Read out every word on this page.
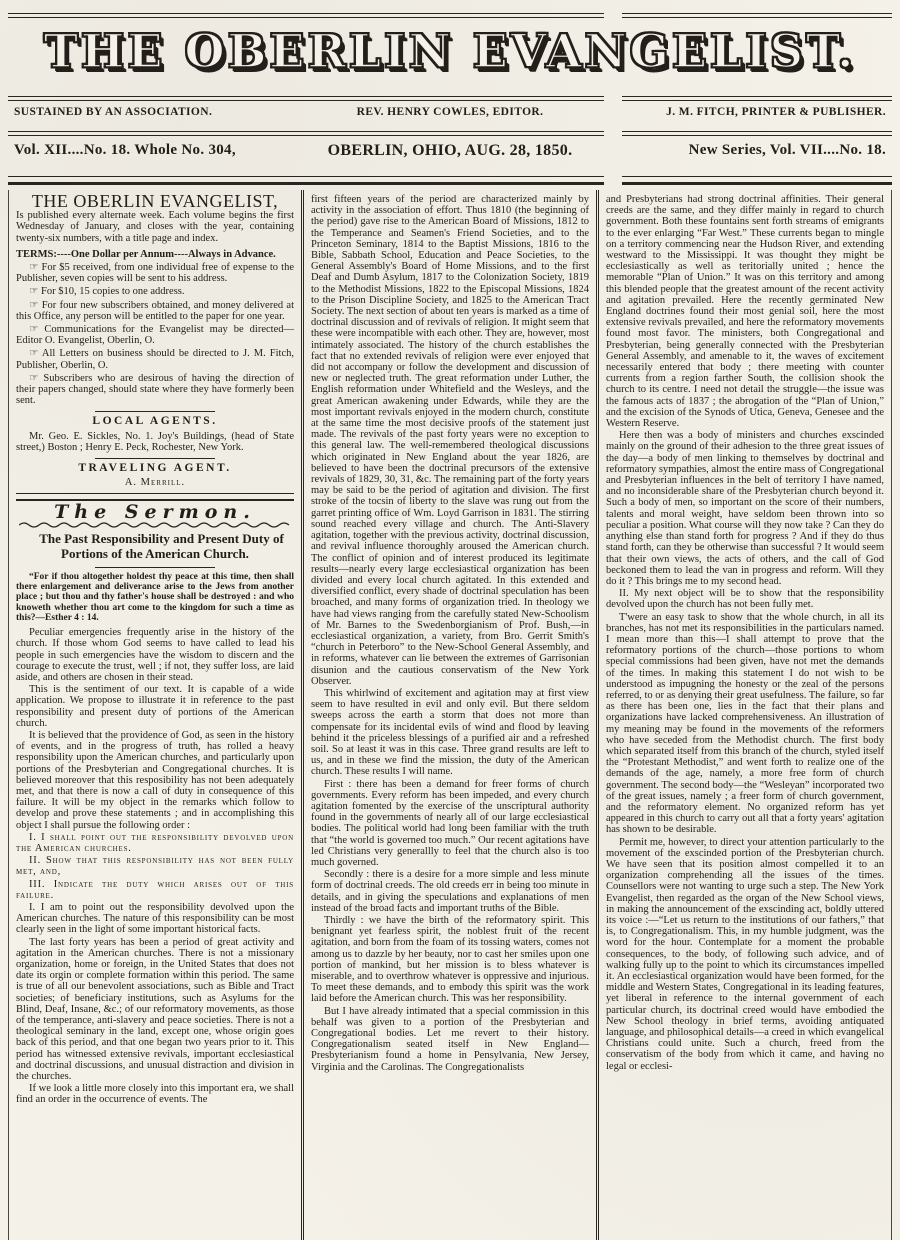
THE OBERLIN EVANGELIST.
SUSTAINED BY AN ASSOCIATION.	REV. HENRY COWLES, EDITOR.	J. M. FITCH, PRINTER & PUBLISHER.
Vol. XII....No. 18. Whole No. 304,	OBERLIN, OHIO, AUG. 28, 1850.	New Series, Vol. VII....No. 18.
THE OBERLIN EVANGELIST,

Is published every alternate week. Each volume begins the first Wednesday of January, and closes with the year, containing twenty-six numbers, with a title page and index.

TERMS:----One Dollar per Annum----Always in Advance.

☞ For $5 received, from one individual free of expense to the Publisher, seven copies will be sent to his address.

☞ For $10, 15 copies to one address.

☞ For four new subscribers obtained, and money delivered at this Office, any person will be entitled to the paper for one year.

☞ Communications for the Evangelist may be directed—Editor O. Evangelist, Oberlin, O.

☞ All Letters on business should be directed to J. M. Fitch, Publisher, Oberlin, O.

☞ Subscribers who are desirous of having the direction of their papers changed, should state where they have formerly been sent.

LOCAL AGENTS.

Mr. Geo. E. Sickles, No. 1. Joy's Buildings, (head of State street,) Boston ; Henry E. Peck, Rochester, New York.

TRAVELING AGENT.
A. Merrill.
The Sermon.

The Past Responsibility and Present Duty of Portions of the American Church.

“For if thou altogether holdest thy peace at this time, then shall there enlargement and deliverance arise to the Jews from another place ; but thou and thy father's house shall be destroyed : and who knoweth whether thou art come to the kingdom for such a time as this?—Esther 4 : 14.

Peculiar emergencies frequently arise in the history of the church. If those whom God seems to have called to lead his people in such emergencies have the wisdom to discern and the courage to execute the trust, well ; if not, they suffer loss, are laid aside, and others are chosen in their stead.

This is the sentiment of our text. It is capable of a wide application. We propose to illustrate it in reference to the past responsibility and present duty of portions of the American church.

It is believed that the providence of God, as seen in the history of events, and in the progress of truth, has rolled a heavy responsibility upon the American churches, and particularly upon portions of the Presbyterian and Congregational churches. It is believed moreover that this resposibility has not been adequately met, and that there is now a call of duty in consequence of this failure. It will be my object in the remarks which follow to develop and prove these statements ; and in accomplishing this object I shall pursue the following order :

I. I shall point out the responsibility devolved upon the American churches.

II. Show that this responsibility has not been fully met, and,

III. Indicate the duty which arises out of this failure.

I. I am to point out the responsibility devolved upon the American churches. The nature of this responsibility can be most clearly seen in the light of some important historical facts.

The last forty years has been a period of great activity and agitation in the American churches. There is not a missionary organization, home or foreign, in the United States that does not date its orgin or complete formation within this period. The same is true of all our benevolent associations, such as Bible and Tract societies; of beneficiary institutions, such as Asylums for the Blind, Deaf, Insane, &c.; of our reformatory movements, as those of the temperance, anti-slavery and peace societies. There is not a theological seminary in the land, except one, whose origin goes back of this period, and that one began two years prior to it. This period has witnessed extensive revivals, important ecclesiastical and doctrinal discussions, and unusual distraction and division in the churches.

If we look a little more closely into this important era, we shall find an order in the occurrence of events. The

first fifteen years of the period are characterized mainly by activity in the association of effort. Thus 1810 (the beginning of the period) gave rise to the American Board of Missions, 1812 to the Temperance and Seamen's Friend Societies, and to the Princeton Seminary, 1814 to the Baptist Missions, 1816 to the Bible, Sabbath School, Education and Peace Societies, to the General Assembly's Board of Home Missions, and to the first Deaf and Dumb Asylum, 1817 to the Colonization Society, 1819 to the Methodist Missions, 1822 to the Episcopal Missions, 1824 to the Prison Discipline Society, and 1825 to the American Tract Society. The next section of about ten years is marked as a time of doctrinal discussion and of revivals of religion. It might seem that these were incompatible with each other. They are, however, most intimately associated. The history of the church establishes the fact that no extended revivals of religion were ever enjoyed that did not accompany or follow the development and discussion of new or neglected truth. The great reformation under Luther, the English reformation under Whitefield and the Wesleys, and the great American awakening under Edwards, while they are the most important revivals enjoyed in the modern church, constitute at the same time the most decisive proofs of the statement just made. The revivals of the past forty years were no exception to this general law. The well-remembered theological discussions which originated in New England about the year 1826, are believed to have been the doctrinal precursors of the extensive revivals of 1829, 30, 31, &c. The remaining part of the forty years may be said to be the period of agitation and division. The first stroke of the tocsin of liberty to the slave was rung out from the garret printing office of Wm. Loyd Garrison in 1831. The stirring sound reached every village and church. The Anti-Slavery agitation, together with the previous activity, doctrinal discussion, and revival influence thoroughly aroused the American church. The conflict of opinion and of interest produced its legitimate results—nearly every large ecclesiastical organization has been divided and every local church agitated. In this extended and diversified conflict, every shade of doctrinal speculation has been broached, and many forms of organization tried. In theology we have had views ranging from the carefully stated New-Schoolism of Mr. Barnes to the Swedenborgianism of Prof. Bush,—in ecclesiastical organization, a variety, from Bro. Gerrit Smith's “church in Peterboro” to the New-School General Assembly, and in reforms, whatever can lie between the extremes of Garrisonian disunion and the cautious conservatism of the New York Observer.

This whirlwind of excitement and agitation may at first view seem to have resulted in evil and only evil. But there seldom sweeps across the earth a storm that does not more than compensate for its incidental evils of wind and flood by leaving behind it the priceless blessings of a purified air and a refreshed soil. So at least it was in this case. Three grand results are left to us, and in these we find the mission, the duty of the American church. These results I will name.

First : there has been a demand for freer forms of church governments. Every reform has been impeded, and every church agitation fomented by the exercise of the unscriptural authority found in the governments of nearly all of our large ecclesiastical bodies. The political world had long been familiar with the truth that “the world is governed too much.” Our recent agitations have led Christians very generallly to feel that the church also is too much governed.

Secondly : there is a desire for a more simple and less minute form of doctrinal creeds. The old creeds err in being too minute in details, and in giving the speculations and explanations of men instead of the broad facts and important truths of the Bible.

Thirdly : we have the birth of the reformatory spirit. This benignant yet fearless spirit, the noblest fruit of the recent agitation, and born from the foam of its tossing waters, comes not among us to dazzle by her beauty, nor to cast her smiles upon one portion of mankind, but her mission is to bless whatever is miserable, and to overthrow whatever is oppressive and injurious. To meet these demands, and to embody this spirit was the work laid before the American church. This was her responsibility.

But I have already intimated that a special commission in this behalf was given to a portion of the Presbyterian and Congregational bodies. Let me revert to their history. Congregationalism seated itself in New England—Presbyterianism found a home in Pensylvania, New Jersey, Virginia and the Carolinas. The Congregationalists

and Presbyterians had strong doctrinal affinities. Their general creeds are the same, and they differ mainly in regard to church government. Both these fountains sent forth streams of emigrants to the ever enlarging “Far West.” These currents began to mingle on a territory commencing near the Hudson River, and extending westward to the Mississippi. It was thought they might be ecclesiastically as well as teritorially united ; hence the memorable “Plan of Union.” It was on this territory and among this blended people that the greatest amount of the recent activity and agitation prevailed. Here the recently germinated New England doctrines found their most genial soil, here the most extensive revivals prevailed, and here the reformatory movements found most favor. The ministers, both Congregational and Presbyterian, being generally connected with the Presbyterian General Assembly, and amenable to it, the waves of excitement necessarily entered that body ; there meeting with counter currents from a region farther South, the collision shook the church to its centre. I need not detail the struggle—the issue was the famous acts of 1837 ; the abrogation of the “Plan of Union,” and the excision of the Synods of Utica, Geneva, Genesee and the Western Reserve.

Here then was a body of ministers and churches exscinded mainly on the ground of their adhesion to the three great issues of the day—a body of men linking to themselves by doctrinal and reformatory sympathies, almost the entire mass of Congregational and Presbyterian influences in the belt of territory I have named, and no inconsiderable share of the Presbyterian church beyond it. Such a body of men, so important on the score of their numbers, talents and moral weight, have seldom been thrown into so peculiar a position. What course will they now take ? Can they do anything else than stand forth for progress ? And if they do thus stand forth, can they be otherwise than successful ? It would seem that their own views, the acts of others, and the call of God beckoned them to lead the van in progress and reform. Will they do it ? This brings me to my second head.

II. My next object will be to show that the responsibility devolved upon the church has not been fully met.

T'were an easy task to show that the whole church, in all its branches, has not met its responsibilities in the particulars named. I mean more than this—I shall attempt to prove that the reformatory portions of the church—those portions to whom special commissions had been given, have not met the demands of the times. In making this statement I do not wish to be understood as impugning the honesty or the zeal of the persons referred, to or as denying their great usefulness. The failure, so far as there has been one, lies in the fact that their plans and organizations have lacked comprehensiveness. An illustration of my meaning may be found in the movements of the reformers who have seceded from the Methodist church. The first body which separated itself from this branch of the church, styled itself the “Protestant Methodist,” and went forth to realize one of the demands of the age, namely, a more free form of church government. The second body—the “Wesleyan” incorporated two of the great issues, namely ; a freer form of church government, and the reformatory element. No organized reform has yet appeared in this church to carry out all that a forty years' agitation has shown to be desirable.

Permit me, however, to direct your attention particularly to the movement of the exscinded portion of the Presbyterian church. We have seen that its position almost compelled it to an organization comprehending all the issues of the times. Counsellors were not wanting to urge such a step. The New York Evangelist, then regarded as the organ of the New School views, in making the announcement of the exscinding act, boldly uttered its voice :—“Let us return to the institutions of our fathers,” that is, to Congregationalism. This, in my humble judgment, was the word for the hour. Contemplate for a moment the probable consequences, to the body, of following such advice, and of walking fully up to the point to which its circumstances impelled it. An ecclesiastical organization would have been formed, for the middle and Western States, Congregational in its leading features, yet liberal in reference to the internal government of each particular church, its doctrinal creed would have embodied the New School theology in brief terms, avoiding antiquated language, and philosophical details—a creed in which evangelical Christians could unite. Such a church, freed from the conservatism of the body from which it came, and having no legal or ecclesi-
